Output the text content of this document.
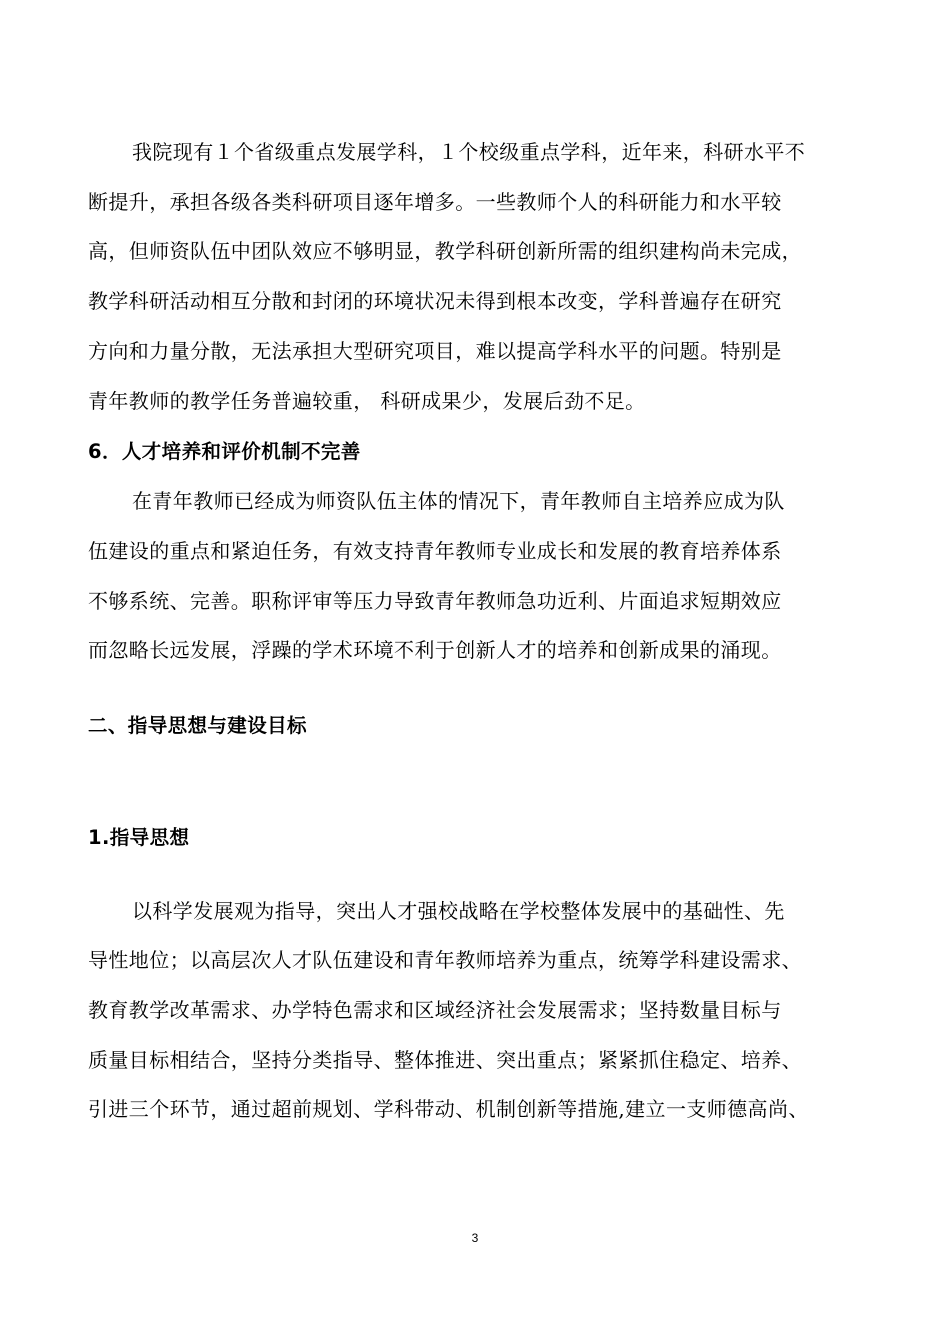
我院现有１个省级重点发展学科，１个校级重点学科，近年来，科研水平不
断提升，承担各级各类科研项目逐年增多。一些教师个人的科研能力和水平较
高，但师资队伍中团队效应不够明显，教学科研创新所需的组织建构尚未完成，
教学科研活动相互分散和封闭的环境状况未得到根本改变，学科普遍存在研究
方向和力量分散，无法承担大型研究项目，难以提高学科水平的问题。特别是
青年教师的教学任务普遍较重， 科研成果少，发展后劲不足。
6．人才培养和评价机制不完善
在青年教师已经成为师资队伍主体的情况下，青年教师自主培养应成为队
伍建设的重点和紧迫任务，有效支持青年教师专业成长和发展的教育培养体系
不够系统、完善。职称评审等压力导致青年教师急功近利、片面追求短期效应
而忽略长远发展，浮躁的学术环境不利于创新人才的培养和创新成果的涌现。
二、指导思想与建设目标
1.指导思想
以科学发展观为指导，突出人才强校战略在学校整体发展中的基础性、先
导性地位；以高层次人才队伍建设和青年教师培养为重点，统筹学科建设需求、
教育教学改革需求、办学特色需求和区域经济社会发展需求；坚持数量目标与
质量目标相结合，坚持分类指导、整体推进、突出重点；紧紧抓住稳定、培养、
引进三个环节，通过超前规划、学科带动、机制创新等措施,建立一支师德高尚、
3
